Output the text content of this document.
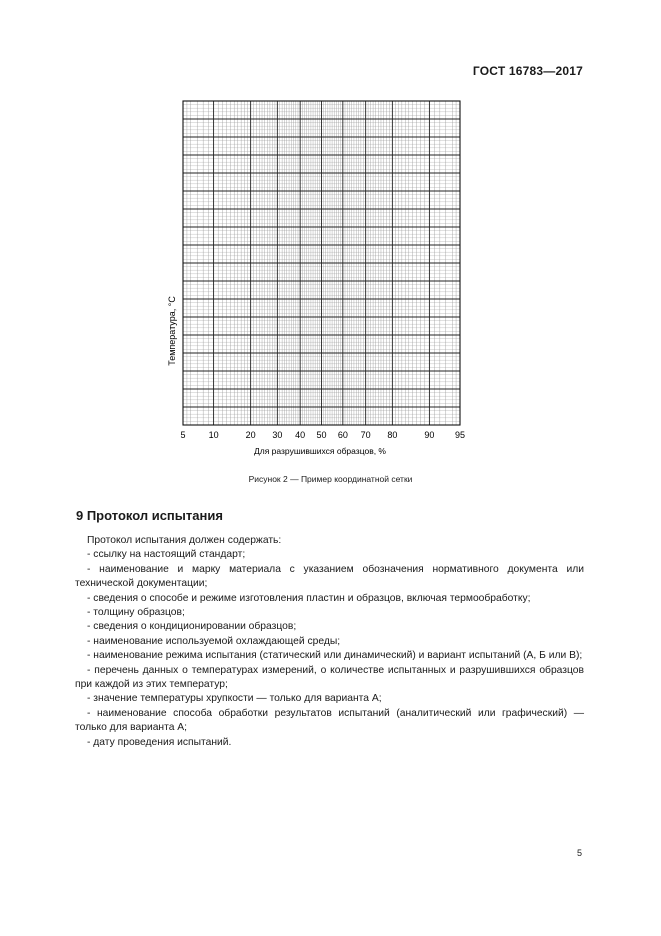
ГОСТ 16783—2017
Температура, °С
5	10	20 30 40 50 60 70 80	90 95
Для разрушившихся образцов, %
Рисунок 2 — Пример координатной сетки
9 Протокол испытания

Протокол испытания должен содержать:

- ссылку на настоящий стандарт;

- наименование и марку материала с указанием обозначения нормативного документа или технической документации;

- сведения о способе и режиме изготовления пластин и образцов, включая термообработку;

- толщину образцов;

- сведения о кондиционировании образцов;

- наименование используемой охлаждающей среды;

- наименование режима испытания (статический или динамический) и вариант испытаний (А, Б или В);

- перечень данных о температурах измерений, о количестве испытанных и разрушившихся образцов при каждой из этих температур;

- значение температуры хрупкости — только для варианта А;

- наименование способа обработки результатов испытаний (аналитический или графический) — только для варианта А;

- дату проведения испытаний.

5
